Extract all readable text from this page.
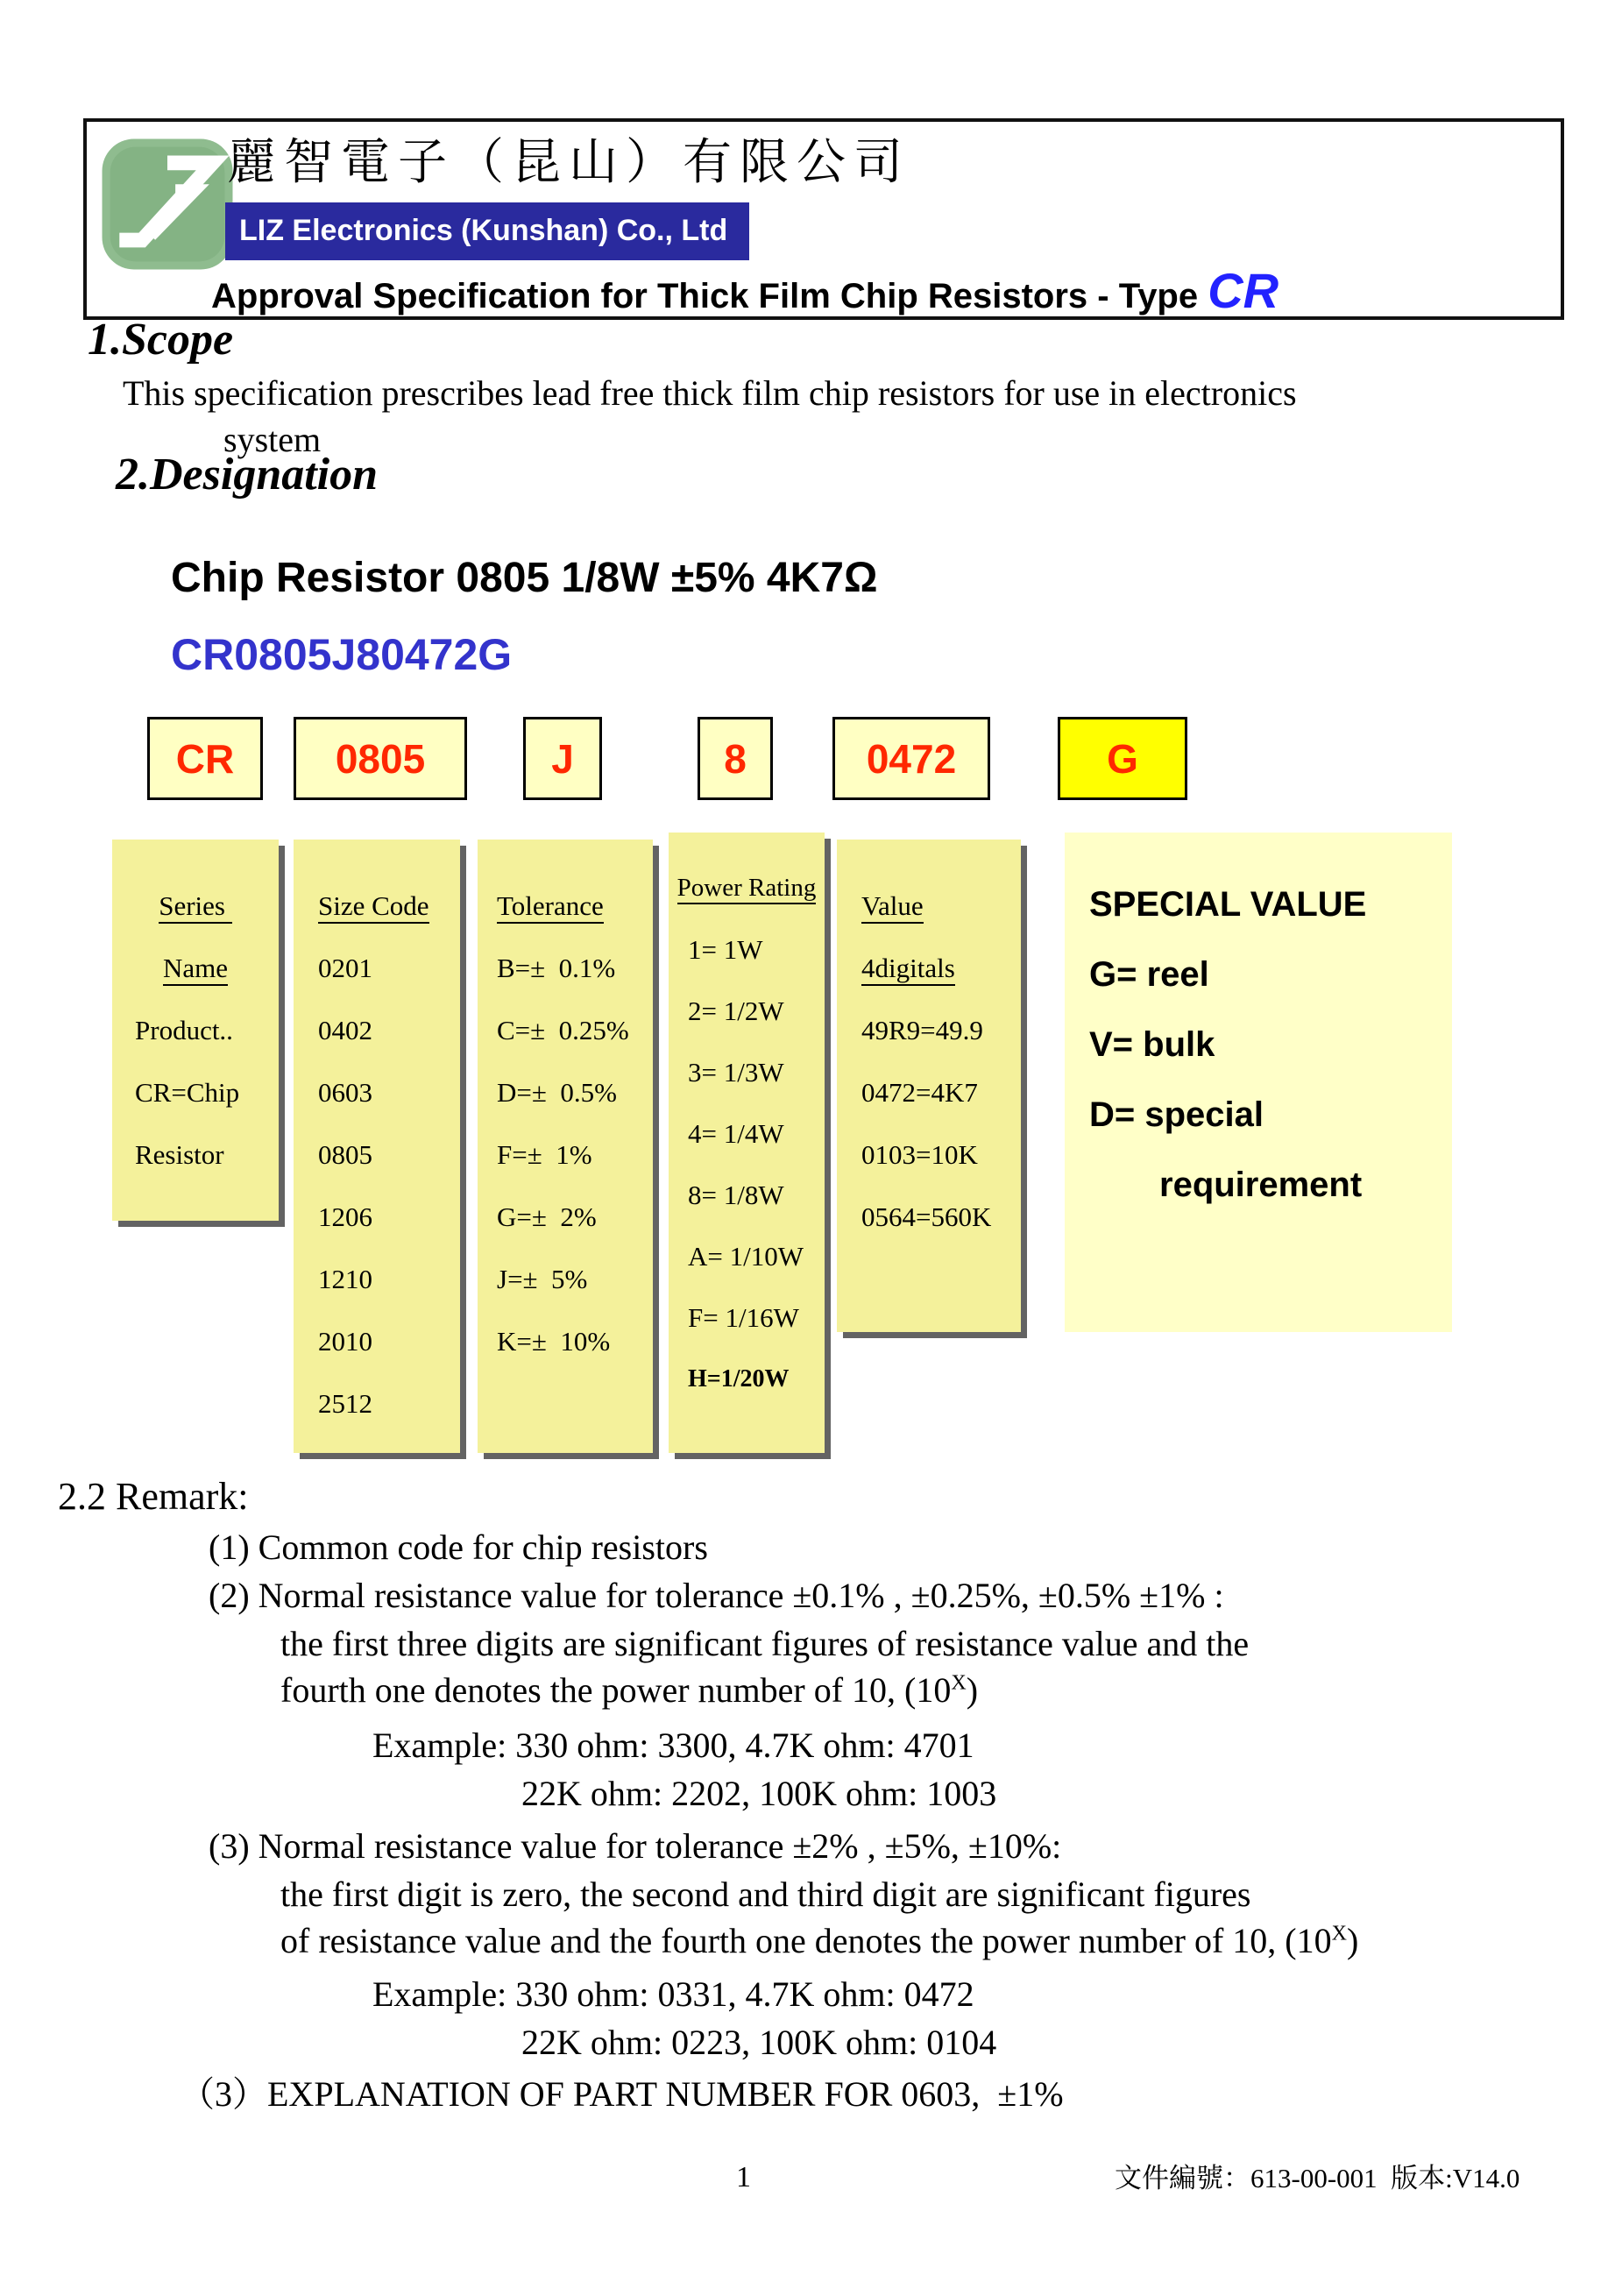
麗智電子（昆山）有限公司
LIZ Electronics (Kunshan) Co., Ltd
Approval Specification for Thick Film Chip Resistors - Type CR
1.Scope
This specification prescribes lead free thick film chip resistors for use in electronics
system
2.Designation
Chip Resistor 0805 1/8W ±5% 4K7Ω
CR0805J80472G
CR	0805	J	8	0472	G
Series
Name
Product..
CR=Chip
Resistor
Size Code
0201
0402
0603
0805
1206
1210
2010
2512
Tolerance
B=±  0.1%
C=±  0.25%
D=±  0.5%
F=±  1%
G=±  2%
J=±  5%
K=±  10%
Power Rating
1= 1W
2= 1/2W
3= 1/3W
4= 1/4W
8= 1/8W
A= 1/10W
F= 1/16W
H=1/20W
Value
4digitals
49R9=49.9
0472=4K7
0103=10K
0564=560K
SPECIAL VALUE
G= reel
V= bulk
D= special
requirement
2.2 Remark:
(1) Common code for chip resistors
(2) Normal resistance value for tolerance ±0.1% , ±0.25%, ±0.5% ±1% :
the first three digits are significant figures of resistance value and the
fourth one denotes the power number of 10, $(10^X)$
Example: 330 ohm: 3300, 4.7K ohm: 4701
22K ohm: 2202, 100K ohm: 1003
(3) Normal resistance value for tolerance ±2% , ±5%, ±10%:
the first digit is zero, the second and third digit are significant figures
of resistance value and the fourth one denotes the power number of 10, $(10^X)$
Example: 330 ohm: 0331, 4.7K ohm: 0472
22K ohm: 0223, 100K ohm: 0104
（3）EXPLANATION OF PART NUMBER FOR 0603,  ±1%
1	文件編號：613-00-001  版本:V14.0
